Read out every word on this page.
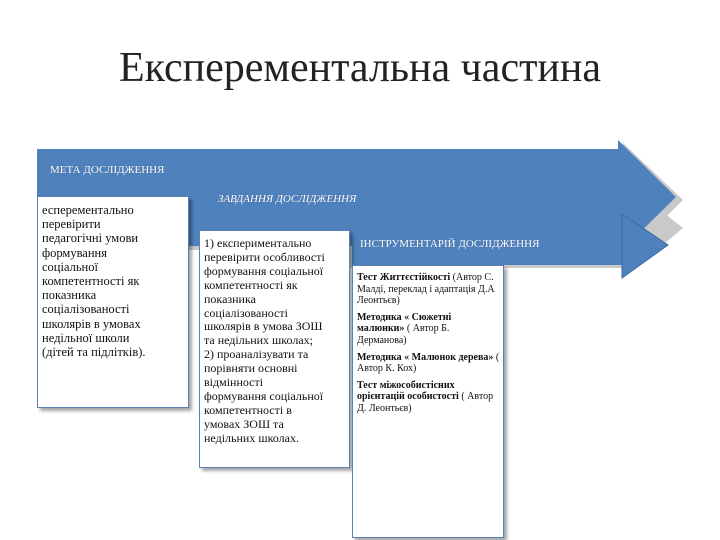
Експерементальна частина
МЕТА ДОСЛІДЖЕННЯ
ЗАВДАННЯ ДОСЛІДЖЕННЯ
ІНСТРУМЕНТАРІЙ ДОСЛІДЖЕННЯ
есперементально
перевірити
педагогічні умови
формування
соціальної
компетентності як
показника
соціалізованості
школярів в умовах
недільної школи
(дітей та підлітків).
1) експериментально
перевірити особливості
формування соціальної
компетентності як
показника
соціалізованості
школярів в умова ЗОШ
та недільних школах;
2) проаналізувати та
порівняти основні
відмінності
формування соціальної
компетентності в
умовах ЗОШ та
недільних школах.
Тест Життєстійкості (Автор С. Малді, переклад і адаптація Д.А Леонтьєв)
Методика « Сюжетні малюнки» ( Автор Б. Дерманова)
Методика « Малюнок дерева» ( Автор К. Кох)
Тест міжособистісних орієнтацій особистості ( Автор Д. Леонтьєв)
